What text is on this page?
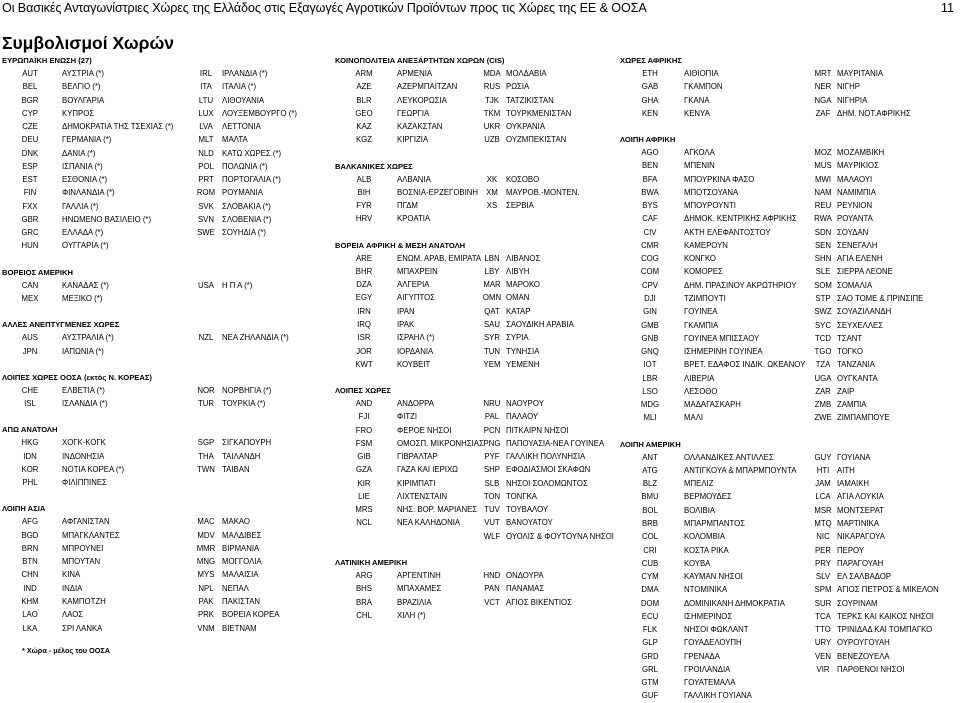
Οι Βασικές Ανταγωνίστριες Χώρες της Ελλάδος στις Εξαγωγές Αγροτικών Προϊόντων προς τις Χώρες της ΕΕ & ΟΟΣΑ	11
Συμβολισμοί Χωρών
ΕΥΡΩΠΑΪΚΗ ΕΝΩΣΗ (27)
AUT	ΑΥΣΤΡΙΑ (*)	IRL ΙΡΛΑΝΔΙΑ (*)
BEL	ΒΕΛΓΙΟ (*)	ITA ΙΤΑΛΙΑ (*)
BGR	ΒΟΥΛΓΑΡΙΑ	LTU ΛΙΘΟΥΑΝΙΑ
CYP	ΚΥΠΡΟΣ	LUX ΛΟΥΞΕΜΒΟΥΡΓΟ (*)
CZE	ΔΗΜΟΚΡΑΤΙΑ ΤΗΣ ΤΣΕΧΙΑΣ (*)	LVA ΛΕΤΤΟΝΙΑ
DEU	ΓΕΡΜΑΝΙΑ (*)	MLT ΜΑΛΤΑ
DNK	ΔΑΝΙΑ (*)	NLD ΚΑΤΩ ΧΩΡΕΣ (*)
ESP	ΙΣΠΑΝΙΑ (*)	POL ΠΟΛΩΝΙΑ (*)
EST	ΕΣΘΟΝΙΑ (*)	PRT ΠΟΡΤΟΓΑΛΙΑ (*)
FIN	ΦΙΝΛΑΝΔΙΑ (*)	ROM ΡΟΥΜΑΝΙΑ
FXX	ΓΑΛΛΙΑ (*)	SVK ΣΛΟΒΑΚΙΑ (*)
GBR	ΗΝΩΜΕΝΟ ΒΑΣΙΛΕΙΟ (*)	SVN ΣΛΟΒΕΝΙΑ (*)
GRC	ΕΛΛΑΔΑ (*)	SWE ΣΟΥΗΔΙΑ (*)
HUN	ΟΥΓΓΑΡΙΑ (*)
ΒΟΡΕΙΟΣ ΑΜΕΡΙΚΗ
CAN	ΚΑΝΑΔΑΣ (*)	USA Η Π Α (*)
MEX	ΜΕΞΙΚΟ (*)
ΑΛΛΕΣ ΑΝΕΠΤΥΓΜΕΝΕΣ ΧΩΡΕΣ
AUS	ΑΥΣΤΡΑΛΙΑ (*)	NZL ΝΕΑ ΖΗΛΑΝΔΙΑ (*)
JPN	ΙΑΠΩΝΙΑ (*)
ΛΟΙΠΕΣ ΧΩΡΕΣ ΟΟΣΑ (εκτός Ν. ΚΟΡΕΑΣ)
CHE	ΕΛΒΕΤΙΑ (*)	NOR ΝΟΡΒΗΓΙΑ (*)
ISL	ΙΣΛΑΝΔΙΑ (*)	TUR ΤΟΥΡΚΙΑ (*)
ΑΠΩ ΑΝΑΤΟΛΗ
HKG	ΧΟΓΚ-ΚΟΓΚ	SGP ΣΙΓΚΑΠΟΥΡΗ
IDN	ΙΝΔΟΝΗΣΙΑ	THA ΤΑΙΛΑΝΔΗ
KOR	ΝΟΤΙΑ ΚΟΡΕΑ (*)	TWN ΤΑΙΒΑΝ
PHL	ΦΙΛΙΠΠΙΝΕΣ
ΛΟΙΠΗ ΑΣΙΑ
AFG	ΑΦΓΑΝΙΣΤΑΝ	MAC ΜΑΚΑΟ
BGD	ΜΠΑΓΚΛΑΝΤΕΣ	MDV ΜΑΛΔΙΒΕΣ
BRN	ΜΠΡΟΥΝΕΙ	MMR ΒΙΡΜΑΝΙΑ
BTN	ΜΠΟΥΤΑΝ	MNG ΜΟΓΓΟΛΙΑ
CHN	ΚΙΝΑ	MYS ΜΑΛΑΙΣΙΑ
IND	ΙΝΔΙΑ	NPL ΝΕΠΑΛ
KHM	ΚΑΜΠΟΤΖΗ	PAK ΠΑΚΙΣΤΑΝ
LAO	ΛΑΟΣ	PRK ΒΟΡΕΙΑ ΚΟΡΕΑ
LKA	ΣΡΙ ΛΑΝΚΑ	VNM ΒΙΕΤΝΑΜ
ΚΟΙΝΟΠΟΛΙΤΕΙΑ ΑΝΕΞΑΡΤΗΤΩΝ ΧΩΡΩΝ (CIS)
ARM	ΑΡΜΕΝΙΑ	MDA ΜΟΛΔΑΒΙΑ
AZE	ΑΖΕΡΜΠΑΙΤΖΑΝ	RUS ΡΩΣΙΑ
BLR	ΛΕΥΚΟΡΩΣΙΑ	TJK ΤΑΤΖΙΚΙΣΤΑΝ
GEO	ΓΕΩΡΓΙΑ	TKM ΤΟΥΡΚΜΕΝΙΣΤΑΝ
KAZ	ΚΑΖΑΚΣΤΑΝ	UKR ΟΥΚΡΑΝΙΑ
KGZ	ΚΙΡΓΙΖΙΑ	UZB ΟΥΖΜΠΕΚΙΣΤΑΝ
ΒΑΛΚΑΝΙΚΕΣ ΧΩΡΕΣ
ALB	ΑΛΒΑΝΙΑ	XK ΚΟΣΟΒΟ
BIH	ΒΟΣΝΙΑ-ΕΡΖΕΓΟΒΙΝΗ	XM ΜΑΥΡΟΒ.-ΜΟΝΤΕΝ.
FYR	ΠΓΔΜ	XS ΣΕΡΒΙΑ
HRV	ΚΡΟΑΤΙΑ
ΒΟΡΕΙΑ ΑΦΡΙΚΗ & ΜΕΣΗ ΑΝΑΤΟΛΗ
ARE	ΕΝΩΜ. ΑΡΑΒ. ΕΜΙΡΑΤΑ LBN ΛΙΒΑΝΟΣ
BHR	ΜΠΑΧΡΕΙΝ	LBY ΛΙΒΥΗ
DZA	ΑΛΓΕΡΙΑ	MAR ΜΑΡΟΚΟ
EGY	ΑΙΓΥΠΤΟΣ	OMN ΟΜΑΝ
IRN	ΙΡΑΝ	QAT ΚΑΤΑΡ
IRQ	ΙΡΑΚ	SAU ΣΑΟΥΔΙΚΗ ΑΡΑΒΙΑ
ISR	ΙΣΡΑΗΛ (*)	SYR ΣΥΡΙΑ
JOR	ΙΟΡΔΑΝΙΑ	TUN ΤΥΝΗΣΙΑ
KWT	ΚΟΥΒΕΙΤ	YEM ΥΕΜΕΝΗ
ΛΟΙΠΕΣ ΧΩΡΕΣ
AND	ΑΝΔΟΡΡΑ	NRU ΝΑΟΥΡΟΥ
FJI	ΦΙΤΖΙ	PAL ΠΑΛΑΟΥ
FRO	ΦΕΡΟΕ ΝΗΣΟΙ	PCN ΠΙΤΚΑΙΡΝ ΝΗΣΟΙ
FSM	ΟΜΟΣΠ. ΜΙΚΡΟΝΗΣΙΑΣ PNG ΠΑΠΟΥΑΣΙΑ-ΝΕΑ ΓΟΥΙΝΕΑ
GIB	ΓΙΒΡΑΛΤΑΡ	PYF ΓΑΛΛΙΚΗ ΠΟΛΥΝΗΣΙΑ
GZA	ΓΑΖΑ ΚΑΙ ΙΕΡΙΧΩ	SHP ΕΦΟΔΙΑΣΜΟΙ ΣΚΑΦΩΝ
KIR	ΚΙΡΙΜΠΑΤΙ	SLB ΝΗΣΟΙ ΣΟΛΟΜΩΝΤΟΣ
LIE	ΛΙΧΤΕΝΣΤΑΙΝ	TON ΤΟΝΓΚΑ
MRS	ΝΗΣ. ΒΟΡ. ΜΑΡΙΑΝΕΣ TUV ΤΟΥΒΑΛΟΥ
NCL	ΝΕΑ ΚΑΛΗΔΟΝΙΑ	VUT ΒΑΝΟΥΑΤΟΥ
WLF ΟΥΟΛΙΣ & ΦΟΥΤΟΥΝΑ ΝΗΣΟΙ
ΛΑΤΙΝΙΚΗ ΑΜΕΡΙΚΗ
ARG	ΑΡΓΕΝΤΙΝΗ	HND ΟΝΔΟΥΡΑ
BHS	ΜΠΑΧΑΜΕΣ	PAN ΠΑΝΑΜΑΣ
BRA	ΒΡΑΖΙΛΙΑ	VCT ΑΓΙΟΣ ΒΙΚΕΝΤΙΟΣ
CHL	ΧΙΛΗ (*)
ΧΩΡΕΣ ΑΦΡΙΚΗΣ
ETH	ΑΙΘΙΟΠΙΑ	MRT ΜΑΥΡΙΤΑΝΙΑ
GAB	ΓΚΑΜΠΟΝ	NER ΝΙΓΗΡ
GHA	ΓΚΑΝΑ	NGA ΝΙΓΗΡΙΑ
KEN	ΚΕΝΥΑ	ZAF ΔΗΜ. ΝΟΤ.ΑΦΡΙΚΗΣ
ΛΟΙΠΗ ΑΦΡΙΚΗ
AGO	ΑΓΚΟΛΑ	MOZ ΜΟΖΑΜΒΙΚΗ
BEN	ΜΠΕΝΙΝ	MUS ΜΑΥΡΙΚΙΟΣ
BFA	ΜΠΟΥΡΚΙΝΑ ΦΑΣΟ	MWI ΜΑΛΑΟΥΙ
BWA	ΜΠΟΤΣΟΥΑΝΑ	NAM ΝΑΜΙΜΠΙΑ
BYS	ΜΠΟΥΡΟΥΝΤΙ	REU ΡΕΥΝΙΟΝ
CAF	ΔΗΜΟΚ. ΚΕΝΤΡΙΚΗΣ ΑΦΡΙΚΗΣ RWA ΡΟΥΑΝΤΑ
CIV	ΑΚΤΗ ΕΛΕΦΑΝΤΟΣΤΟΥ	SDN ΣΟΥΔΑΝ
CMR	ΚΑΜΕΡΟΥΝ	SEN ΣΕΝΕΓΑΛΗ
COG	ΚΟΝΓΚΟ	SHN ΑΓΙΑ ΕΛΕΝΗ
COM	ΚΟΜΟΡΕΣ	SLE ΣΙΕΡΡΑ ΛΕΟΝΕ
CPV	ΔΗΜ. ΠΡΑΣΙΝΟΥ ΑΚΡΩΤΗΡΙΟΥ SOM ΣΟΜΑΛΙΑ
DJI	ΤΖΙΜΠΟΥΤΙ	STP ΣΑΟ ΤΟΜΕ & ΠΡΙΝΣΙΠΕ
GIN	ΓΟΥΙΝΕΑ	SWZ ΣΟΥΑΖΙΛΑΝΔΗ
GMB	ΓΚΑΜΠΙΑ	SYC ΣΕΥΧΕΛΛΕΣ
GNB	ΓΟΥΙΝΕΑ ΜΠΙΣΣΑΟΥ	TCD ΤΣΑΝΤ
GNQ	ΙΣΗΜΕΡΙΝΗ ΓΟΥΙΝΕΑ	TGO ΤΟΓΚΟ
IOT	ΒΡΕΤ. ΕΔΑΦΟΣ ΙΝΔΙΚ. ΩΚΕΑΝΟΥ	TZA ΤΑΝΖΑΝΙΑ
LBR	ΛΙΒΕΡΙΑ	UGA ΟΥΓΚΑΝΤΑ
LSO	ΛΕΣΟΘΟ	ZAR ΖΑΙΡ
MDG	ΜΑΔΑΓΑΣΚΑΡΗ	ZMB ΖΑΜΠΙΑ
MLI	ΜΑΛΙ	ZWE ΖΙΜΠΑΜΠΟΥΕ
ΛΟΙΠΗ ΑΜΕΡΙΚΗ
ANT	ΟΛΛΑΝΔΙΚΕΣ ΑΝΤΙΛΛΕΣ	GUY ΓΟΥΙΑΝΑ
ATG	ΑΝΤΙΓΚΟΥΑ & ΜΠΑΡΜΠΟΥΝΤΑ	HTI ΑΙΤΗ
BLZ	ΜΠΕΛΙΖ	JAM ΙΑΜΑΙΚΗ
BMU	ΒΕΡΜΟΥΔΕΣ	LCA ΑΓΙΑ ΛΟΥΚΙΑ
BOL	ΒΟΛΙΒΙΑ	MSR ΜΟΝΤΣΕΡΑΤ
BRB	ΜΠΑΡΜΠΑΝΤΟΣ	MTQ ΜΑΡΤΙΝΙΚΑ
COL	ΚΟΛΟΜΒΙΑ	NIC ΝΙΚΑΡΑΓΟΥΑ
CRI	ΚΟΣΤΑ ΡΙΚΑ	PER ΠΕΡΟΥ
CUB	ΚΟΥΒΑ	PRY ΠΑΡΑΓΟΥΑΗ
CYM	ΚΑΥΜΑΝ ΝΗΣΟΙ	SLV ΕΛ ΣΑΛΒΑΔΟΡ
DMA	ΝΤΟΜΙΝΙΚΑ	SPM ΑΓΙΟΣ ΠΕΤΡΟΣ & ΜΙΚΕΛΟΝ
DOM	ΔΟΜΙΝΙΚΑΝΗ ΔΗΜΟΚΡΑΤΙΑ	SUR ΣΟΥΡΙΝΑΜ
ECU	ΙΣΗΜΕΡΙΝΟΣ	TCA ΤΕΡΚΣ ΚΑΙ ΚΑΙΚΟΣ ΝΗΣΟΙ
FLK	ΝΗΣΟΙ ΦΩΚΛΑΝΤ	TTO ΤΡΙΝΙΔΑΔ ΚΑΙ ΤΟΜΠΑΓΚΟ
GLP	ΓΟΥΑΔΕΛΟΥΠΗ	URY ΟΥΡΟΥΓΟΥΑΗ
GRD	ΓΡΕΝΑΔΑ	VEN ΒΕΝΕΖΟΥΕΛΑ
GRL	ΓΡΟΙΛΑΝΔΙΑ	VIR ΠΑΡΘΕΝΟΙ ΝΗΣΟΙ
GTM	ΓΟΥΑΤΕΜΑΛΑ
GUF	ΓΑΛΛΙΚΗ ΓΟΥΙΑΝΑ
* Χώρα - μέλος του ΟΟΣΑ
